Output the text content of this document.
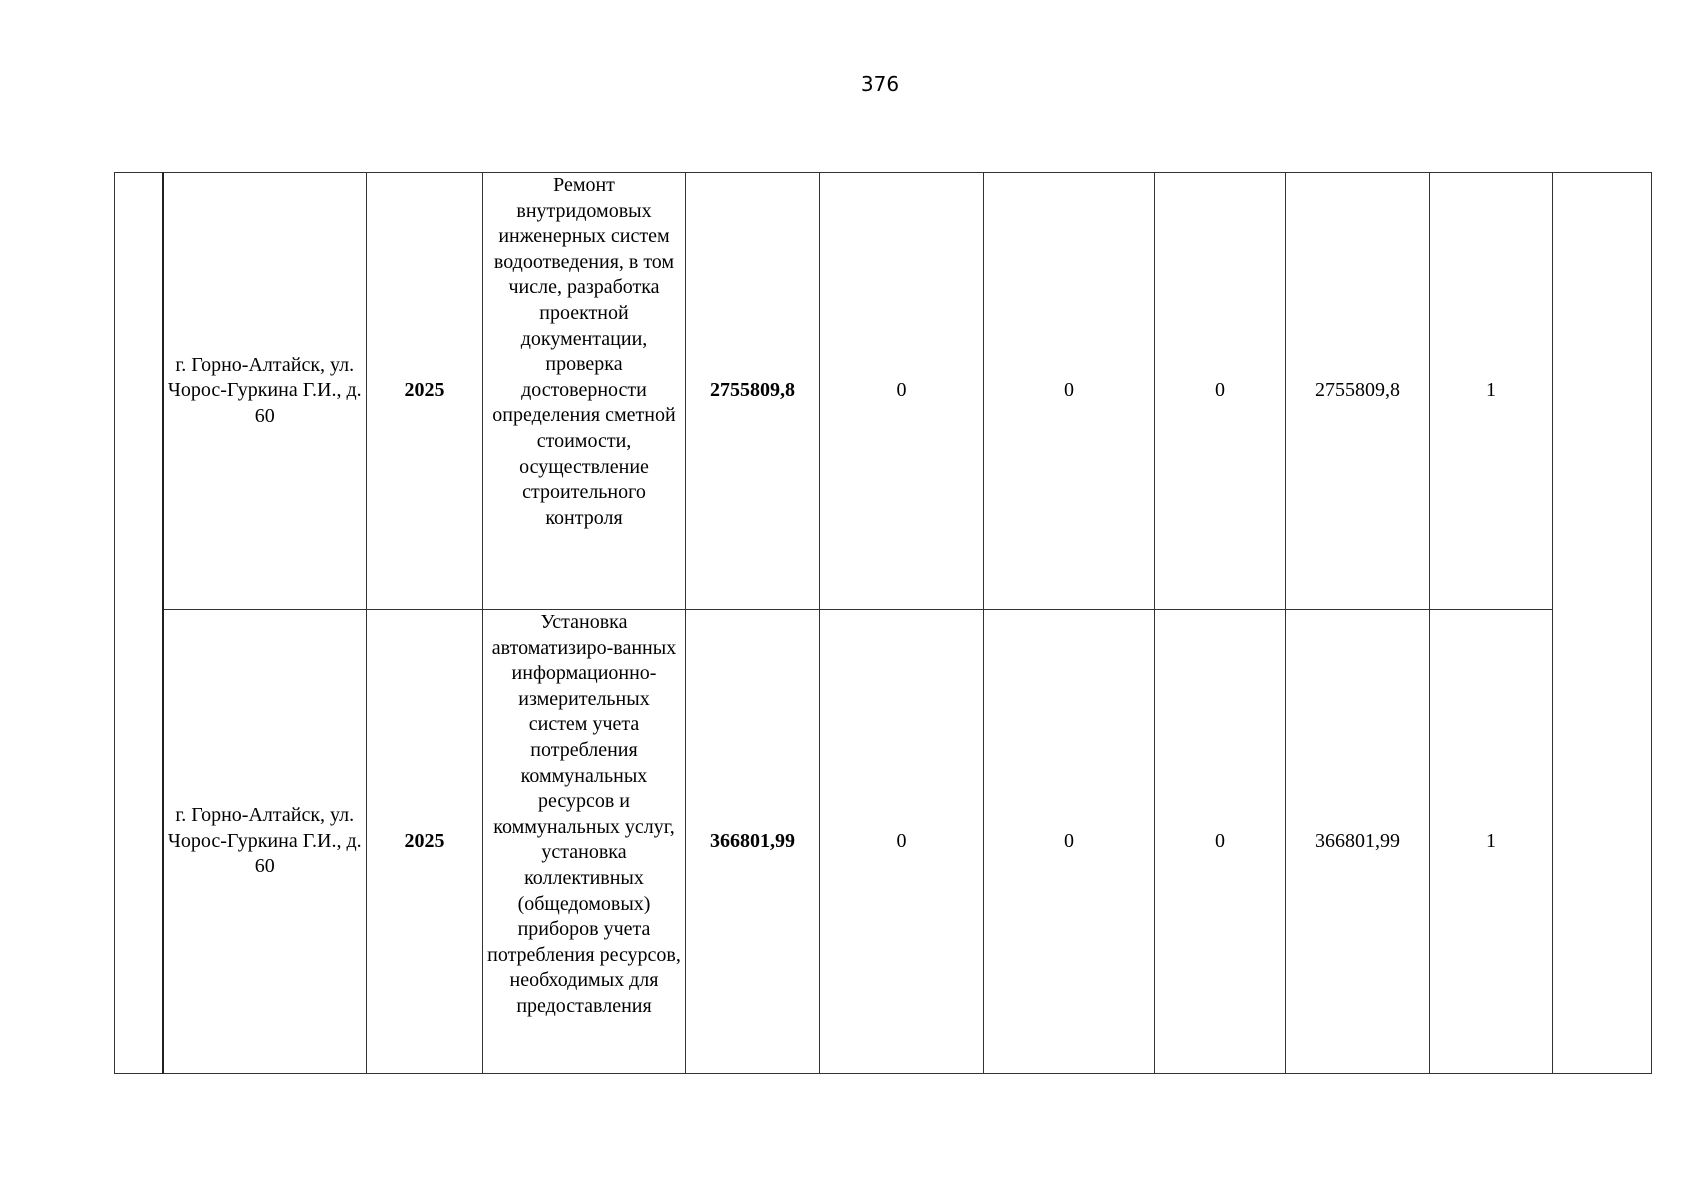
376
	г. Горно-Алтайск, ул. Чорос-Гуркина Г.И., д. 60	2025	Ремонт внутридомовых инженерных систем водоотведения, в том числе, разработка проектной документации, проверка достоверности определения сметной стоимости, осуществление строительного контроля	2755809,8	0	0	0	2755809,8	1	
	г. Горно-Алтайск, ул. Чорос-Гуркина Г.И., д. 60	2025	Установка автоматизиро-ванных информационно-измерительных систем учета потребления коммунальных ресурсов и коммунальных услуг, установка коллективных (общедомовых) приборов учета потребления ресурсов, необходимых для предоставления	366801,99	0	0	0	366801,99	1	
